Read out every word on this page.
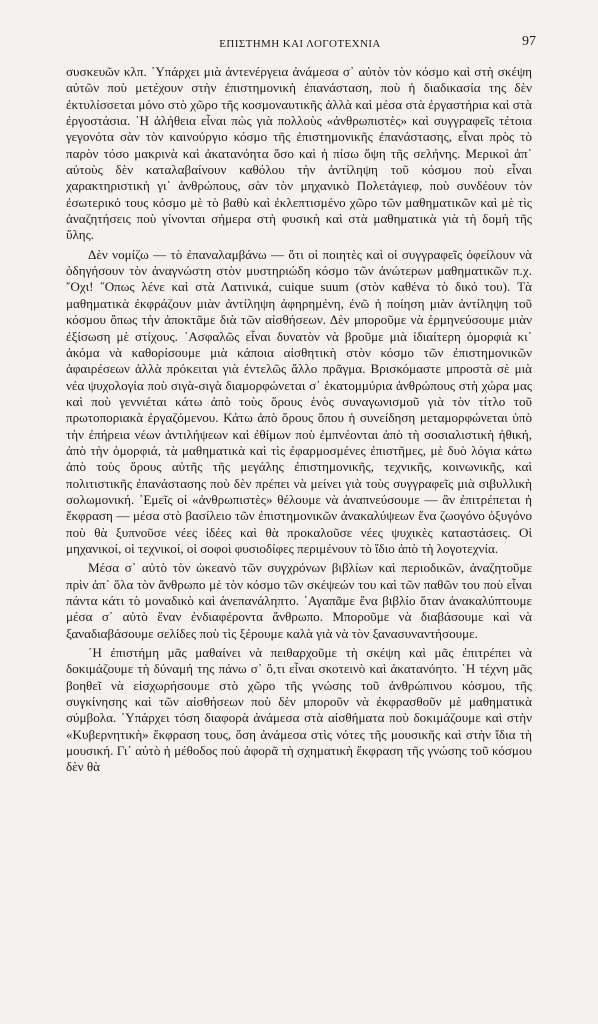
ΕΠΙΣΤΗΜΗ ΚΑΙ ΛΟΓΟΤΕΧΝΙΑ	97

συσκευῶν κλπ. ῾Υπάρχει μιὰ ἀντενέργεια ἀνάμεσα σ᾽ αὐτὸν τὸν κόσμο καὶ στὴ σκέψη αὐτῶν ποὺ μετέχουν στὴν ἐπιστημονικὴ ἐπανάσταση, ποὺ ἡ διαδικασία της δὲν ἐκτυλίσσεται μόνο στὸ χῶρο τῆς κοσμοναυτικῆς ἀλλὰ καὶ μέσα στὰ ἐργαστήρια καὶ στὰ ἐργοστάσια. ῾Η ἀλήθεια εἶναι πὼς γιὰ πολλοὺς «ἀνθρωπιστὲς» καὶ συγγραφεῖς τέτοια γεγονότα σὰν τὸν καινούργιο κόσμο τῆς ἐπιστημονικῆς ἐπανάστασης, εἶναι πρὸς τὸ παρὸν τόσο μακρινὰ καὶ ἀκατανόητα ὅσο καὶ ἡ πίσω ὄψη τῆς σελήνης. Μερικοὶ ἀπ᾽ αὐτοὺς δὲν καταλαβαίνουν καθόλου τὴν ἀντίληψη τοῦ κόσμου ποὺ εἶναι χαρακτηριστικὴ γι᾽ ἀνθρώπους, σὰν τὸν μηχανικὸ Πολετάγιεφ, ποὺ συνδέουν τὸν ἐσωτερικό τους κόσμο μὲ τὸ βαθὺ καὶ ἐκλεπτισμένο χῶρο τῶν μαθηματικῶν καὶ μὲ τὶς ἀναζητήσεις ποὺ γίνονται σήμερα στὴ φυσικὴ καὶ στὰ μαθηματικὰ γιὰ τὴ δομὴ τῆς ὕλης.

Δὲν νομίζω — τὸ ἐπαναλαμβάνω — ὅτι οἱ ποιητὲς καὶ οἱ συγγραφεῖς ὀφείλουν νὰ ὁδηγήσουν τὸν ἀναγνώστη στὸν μυστηριώδη κόσμο τῶν ἀνώτερων μαθηματικῶν π.χ. ῎Οχι! ῞Οπως λένε καὶ στὰ Λατινικά, cuique suum (στὸν καθένα τὸ δικό του). Τὰ μαθηματικὰ ἐκφράζουν μιὰν ἀντίληψη ἀφηρημένη, ἐνῶ ἡ ποίηση μιὰν ἀντίληψη τοῦ κόσμου ὅπως τὴν ἀποκτᾶμε διὰ τῶν αἰσθήσεων. Δὲν μποροῦμε νὰ ἑρμηνεύσουμε μιὰν ἐξίσωση μὲ στίχους. ᾽Ασφαλῶς εἶναι δυνατὸν νὰ βροῦμε μιὰ ἰδιαίτερη ὀμορφιὰ κι᾽ ἀκόμα νὰ καθορίσουμε μιὰ κάποια αἰσθητικὴ στὸν κόσμο τῶν ἐπιστημονικῶν ἀφαιρέσεων ἀλλὰ πρόκειται γιὰ ἐντελῶς ἄλλο πρᾶγμα. Βρισκόμαστε μπροστὰ σὲ μιὰ νέα ψυχολογία ποὺ σιγὰ-σιγὰ διαμορφώνεται σ᾽ ἑκατομμύρια ἀνθρώπους στὴ χώρα μας καὶ ποὺ γεννιέται κάτω ἀπὸ τοὺς ὅρους ἑνὸς συναγωνισμοῦ γιὰ τὸν τίτλο τοῦ πρωτοποριακὰ ἐργαζόμενου. Κάτω ἀπὸ ὅρους ὅπου ἡ συνείδηση μεταμορφώνεται ὑπὸ τὴν ἐπήρεια νέων ἀντιλήψεων καὶ ἐθίμων ποὺ ἐμπνέονται ἀπὸ τὴ σοσιαλιστικὴ ἠθική, ἀπὸ τὴν ὀμορφιά, τὰ μαθηματικὰ καὶ τὶς ἐφαρμοσμένες ἐπιστῆμες, μὲ δυὸ λόγια κάτω ἀπὸ τοὺς ὅρους αὐτῆς τῆς μεγάλης ἐπιστημονικῆς, τεχνικῆς, κοινωνικῆς, καὶ πολιτιστικῆς ἐπανάστασης ποὺ δὲν πρέπει νὰ μείνει γιὰ τοὺς συγγραφεῖς μιὰ σιβυλλικὴ σολωμονική. ᾽Εμεῖς οἱ «ἀνθρωπιστὲς» θέλουμε νὰ ἀναπνεύσουμε — ἂν ἐπιτρέπεται ἡ ἔκφραση — μέσα στὸ βασίλειο τῶν ἐπιστημονικῶν ἀνακαλύψεων ἕνα ζωογόνο ὀξυγόνο ποὺ θὰ ξυπνοῦσε νέες ἰδέες καὶ θὰ προκαλοῦσε νέες ψυχικὲς καταστάσεις. Οἱ μηχανικοί, οἱ τεχνικοί, οἱ σοφοὶ φυσιοδίφες περιμένουν τὸ ἴδιο ἀπὸ τὴ λογοτεχνία.

Μέσα σ᾽ αὐτὸ τὸν ὠκεανὸ τῶν συγχρόνων βιβλίων καὶ περιοδικῶν, ἀναζητοῦμε πρὶν ἀπ᾽ ὅλα τὸν ἄνθρωπο μὲ τὸν κόσμο τῶν σκέψεών του καὶ τῶν παθῶν του ποὺ εἶναι πάντα κάτι τὸ μοναδικὸ καὶ ἀνεπανάληπτο. ᾽Αγαπᾶμε ἕνα βιβλίο ὅταν ἀνακαλύπτουμε μέσα σ᾽ αὐτὸ ἕναν ἐνδιαφέροντα ἄνθρωπο. Μποροῦμε νὰ διαβάσουμε καὶ νὰ ξαναδιαβάσουμε σελίδες ποὺ τὶς ξέρουμε καλὰ γιὰ νὰ τὸν ξανασυναντήσουμε.

῾Η ἐπιστήμη μᾶς μαθαίνει νὰ πειθαρχοῦμε τὴ σκέψη καὶ μᾶς ἐπιτρέπει νὰ δοκιμάζουμε τὴ δύναμή της πάνω σ᾽ ὅ,τι εἶναι σκοτεινὸ καὶ ἀκατανόητο. ῾Η τέχνη μᾶς βοηθεῖ νὰ εἰσχωρήσουμε στὸ χῶρο τῆς γνώσης τοῦ ἀνθρώπινου κόσμου, τῆς συγκίνησης καὶ τῶν αἰσθήσεων ποὺ δὲν μποροῦν νὰ ἐκφρασθοῦν μὲ μαθηματικὰ σύμβολα. ῾Υπάρχει τόση διαφορὰ ἀνάμεσα στὰ αἰσθήματα ποὺ δοκιμάζουμε καὶ στὴν «Κυβερνητικὴ» ἔκφραση τους, ὅση ἀνάμεσα στὶς νότες τῆς μουσικῆς καὶ στὴν ἴδια τὴ μουσική. Γι᾽ αὐτὸ ἡ μέθοδος ποὺ ἀφορᾶ τὴ σχηματικὴ ἔκφραση τῆς γνώσης τοῦ κόσμου δὲν θὰ
